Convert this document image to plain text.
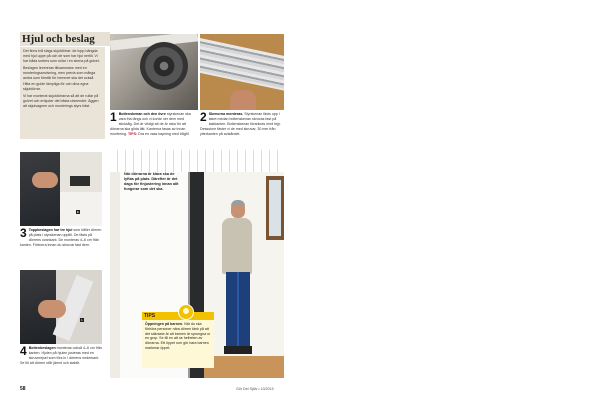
Hjul och beslag

Det finns två slags skjutdörrar: de topp-hängda med hjul uppe på och de som har hjul nertill. Vi har båda sorters som rullar i en skena på golvet.

Beslagen levereras tillsammans med en monteringsanvisning, men precis som många andra som förstår för hemmet ska det också. Hitta en guide lämpliga för och dina egna skjutdörrar.

Vi har monterat skjutdörrarna så att de rullar på golvet och erbjuder det bästa utseendet. Äggen att skjutvagnen och monterings styrs bäst.

1 Bottenskenan och den övre styrskenan ska vara fria längs och vi kortar ner dem med sticksåg. Det är viktigt att de är raka för att dörrarna ska glida lätt. Kanterna fasas av innan montering. TIPS: Dra en vass kapning med bågfil.
2 Skenorna monteras. Styrskenan fästs upp i taket medan bottenskenan skruvas fast på bakkanten. Bottenskenan förankras med tejp. Dessutom fäster vi de med skruvar, 30 mm från ytterkanten på avståndet.
E
3 Toppbeslagen har tre hjul som håller dörren på plats i styrskenan upptill. De fästs på dörrens ovankant. De monteras 4–6 cm från kanten. Förborra innan du skruvar fast dem.
1
4 Bottenbeslagen monteras också 4–6 cm från kanten. Hjulen på hjulen justeras med en skruvmejsel som förs in i dörrens nederkant. Se till att dörren står jämnt och stabilt.
När dörrarna är klara ska de lyftas på plats. Därefter är det dags för finjustering innan allt fungerar som det ska.
TIPS
Öppningen på barnen. När du ska förhöra personer nära dörren tänk på att det säkraste är att barnen är sprungna ur en grop. Se till en att se helheten av dörrarna. Ett öppet rum gör bara barnen markerar öppet.
58	Gör Det Själv • 10/2015
